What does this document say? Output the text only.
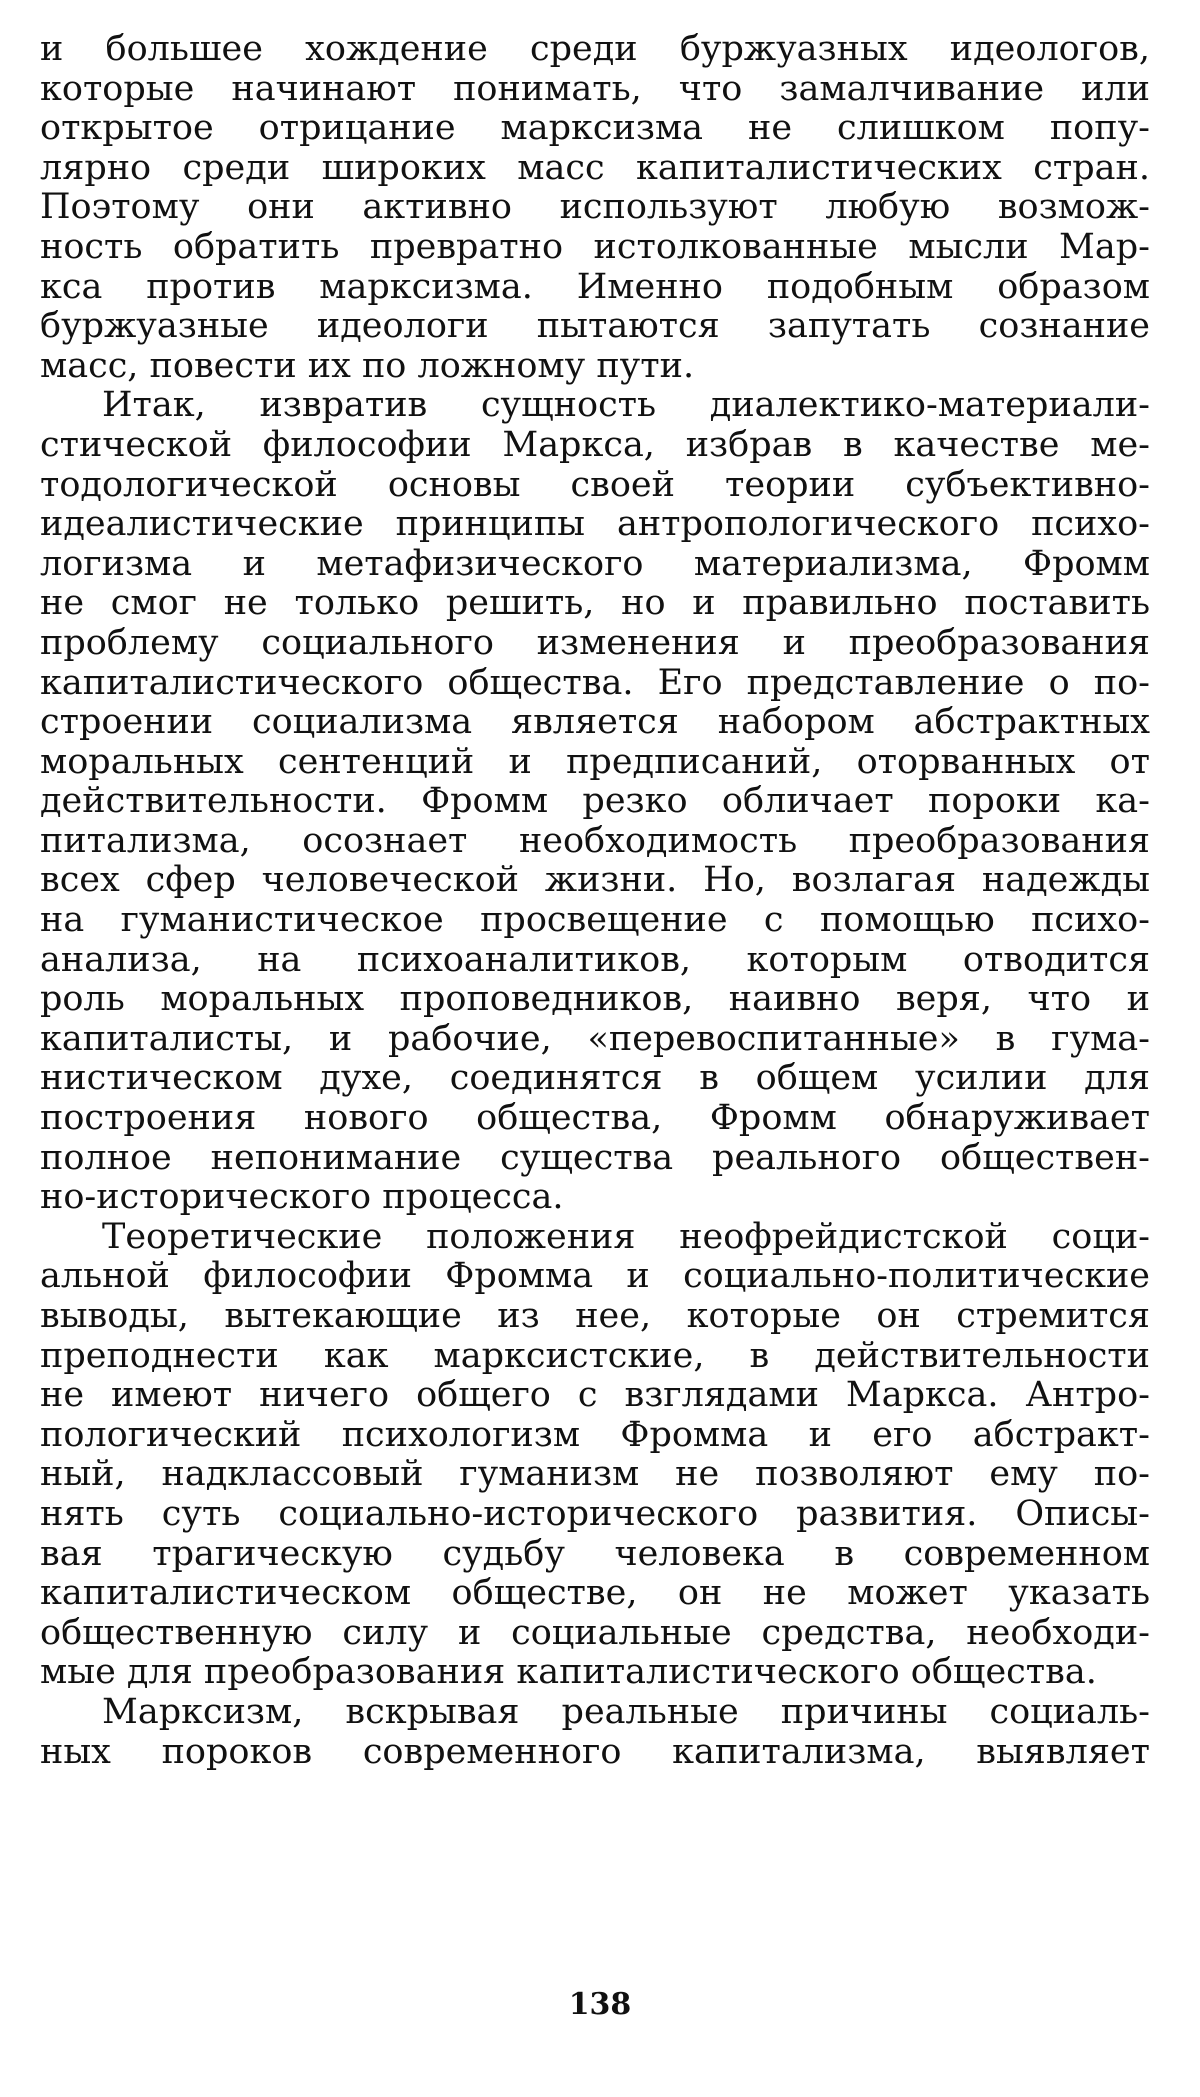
и большее хождение среди буржуазных идеологов,
которые начинают понимать, что замалчивание или
открытое отрицание марксизма не слишком попу-
лярно среди широких масс капиталистических стран.
Поэтому они активно используют любую возмож-
ность обратить превратно истолкованные мысли Мар-
кса против марксизма. Именно подобным образом
буржуазные идеологи пытаются запутать сознание
масс, повести их по ложному пути.
Итак, извратив сущность диалектико-материали-
стической философии Маркса, избрав в качестве ме-
тодологической основы своей теории субъективно-
идеалистические принципы антропологического психо-
логизма и метафизического материализма, Фромм
не смог не только решить, но и правильно поставить
проблему социального изменения и преобразования
капиталистического общества. Его представление о по-
строении социализма является набором абстрактных
моральных сентенций и предписаний, оторванных от
действительности. Фромм резко обличает пороки ка-
питализма, осознает необходимость преобразования
всех сфер человеческой жизни. Но, возлагая надежды
на гуманистическое просвещение с помощью психо-
анализа, на психоаналитиков, которым отводится
роль моральных проповедников, наивно веря, что и
капиталисты, и рабочие, «перевоспитанные» в гума-
нистическом духе, соединятся в общем усилии для
построения нового общества, Фромм обнаруживает
полное непонимание существа реального обществен-
но-исторического процесса.
Теоретические положения неофрейдистской соци-
альной философии Фромма и социально-политические
выводы, вытекающие из нее, которые он стремится
преподнести как марксистские, в действительности
не имеют ничего общего с взглядами Маркса. Антро-
пологический психологизм Фромма и его абстракт-
ный, надклассовый гуманизм не позволяют ему по-
нять суть социально-исторического развития. Описы-
вая трагическую судьбу человека в современном
капиталистическом обществе, он не может указать
общественную силу и социальные средства, необходи-
мые для преобразования капиталистического общества.
Марксизм, вскрывая реальные причины социаль-
ных пороков современного капитализма, выявляет
138
